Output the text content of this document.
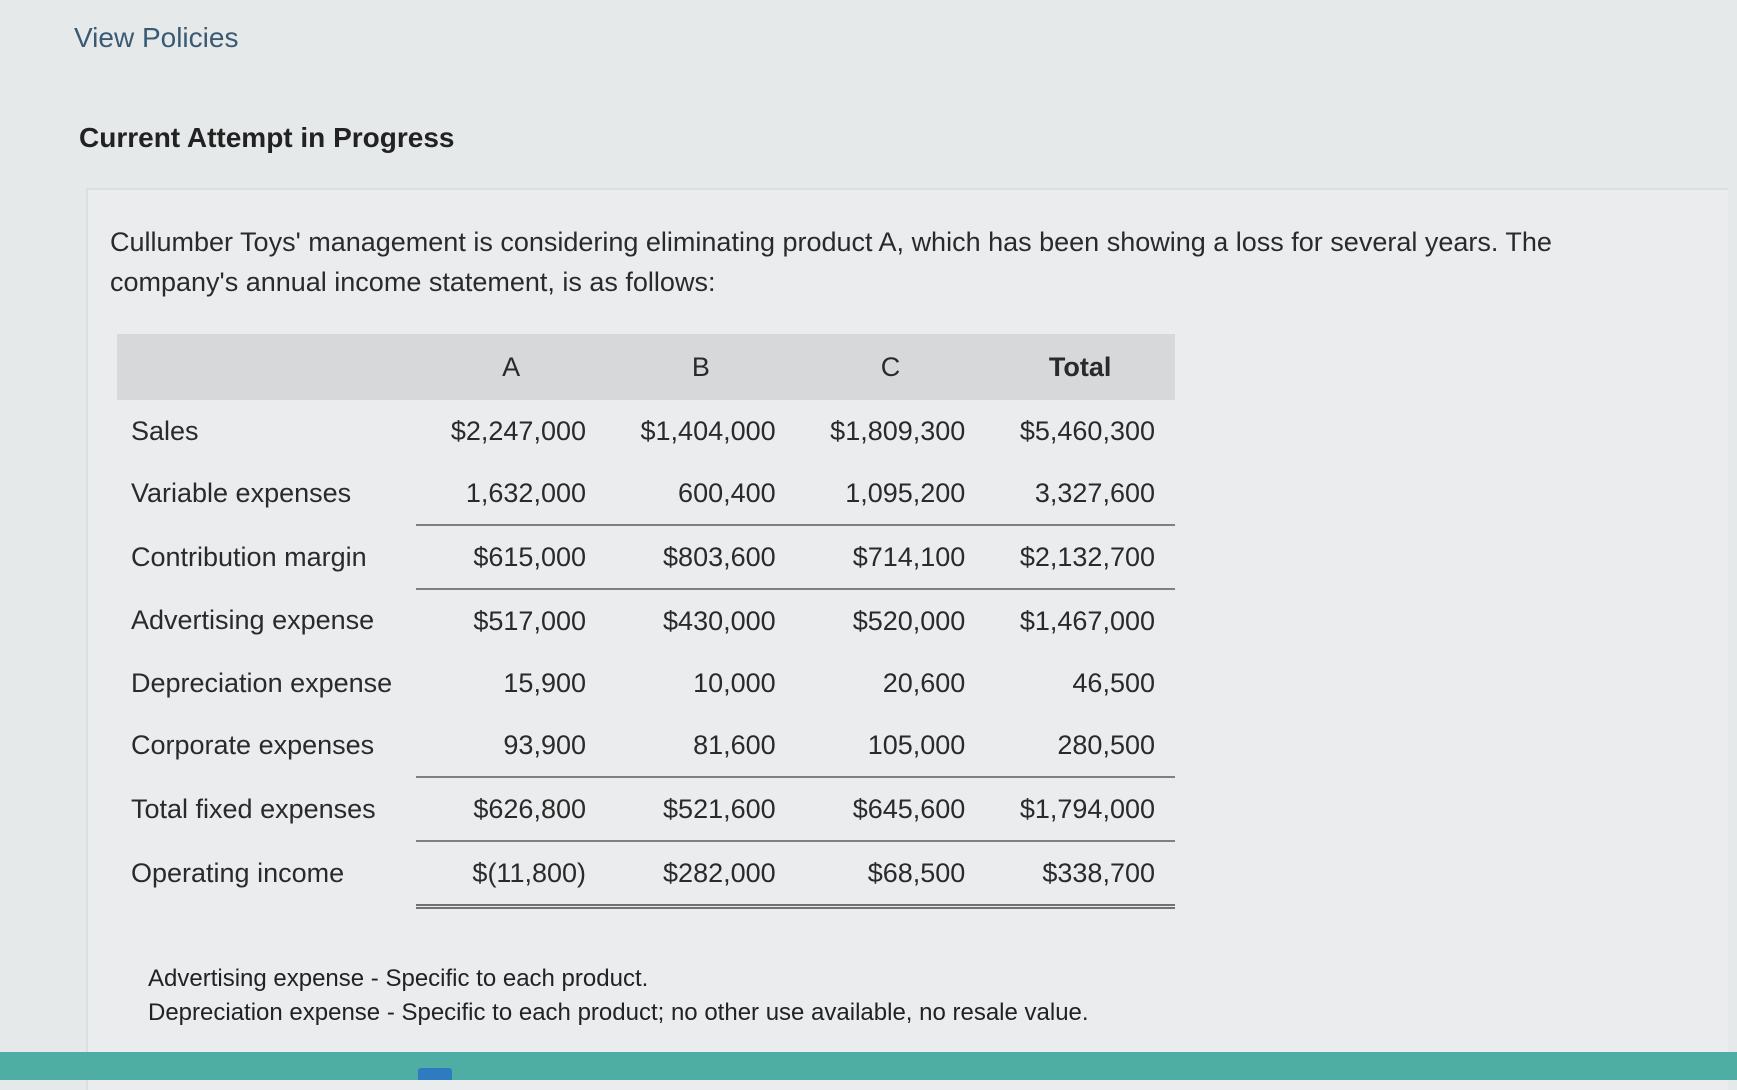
View Policies
Current Attempt in Progress

Cullumber Toys' management is considering eliminating product A, which has been showing a loss for several years. The company's annual income statement, is as follows:

	A	B	C	Total
Sales	$2,247,000	$1,404,000	$1,809,300	$5,460,300
Variable expenses	1,632,000	600,400	1,095,200	3,327,600
Contribution margin	$615,000	$803,600	$714,100	$2,132,700
Advertising expense	$517,000	$430,000	$520,000	$1,467,000
Depreciation expense	15,900	10,000	20,600	46,500
Corporate expenses	93,900	81,600	105,000	280,500
Total fixed expenses	$626,800	$521,600	$645,600	$1,794,000
Operating income	$(11,800)	$282,000	$68,500	$338,700
Advertising expense - Specific to each product.
Depreciation expense - Specific to each product; no other use available, no resale value.
